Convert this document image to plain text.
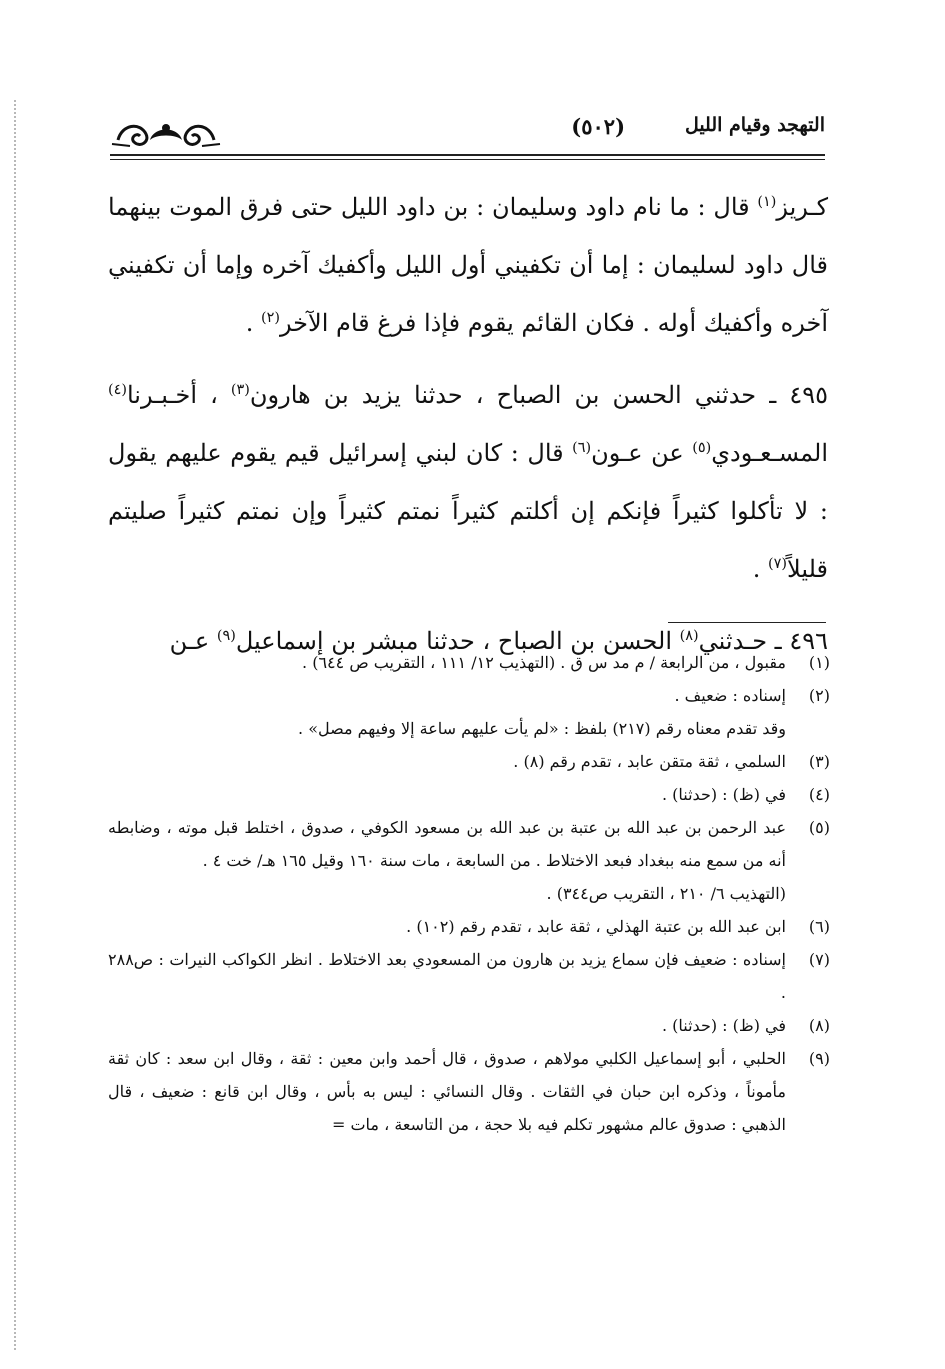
التهجد وقيام الليل
(٥٠٢)

كـريز$^{(١)}$ قال : ما نام داود وسليمان : بن داود الليل حتى فرق الموت بينهما قال داود لسليمان : إما أن تكفيني أول الليل وأكفيك آخره وإما أن تكفيني آخره وأكفيك أوله . فكان القائم يقوم فإذا فرغ قام الآخر$^{(٢)}$ .

٤٩٥ ـ حدثني الحسن بن الصباح ، حدثنا يزيد بن هارون$^{(٣)}$ ، أخـبـرنا$^{(٤)}$ المسـعـودي$^{(٥)}$ عن عـون$^{(٦)}$ قال : كان لبني إسرائيل قيم يقوم عليهم يقول : لا تأكلوا كثيراً فإنكم إن أكلتم كثيراً نمتم كثيراً وإن نمتم كثيراً صليتم قليلاً$^{(٧)}$ .

٤٩٦ ـ حـدثني$^{(٨)}$ الحسن بن الصباح ، حدثنا مبشر بن إسماعيل$^{(٩)}$ عـن

(١)
مقبول ، من الرابعة / م مد س ق . (التهذيب ١٢/ ١١١ ، التقريب ص ٦٤٤) .
(٢)
إسناده : ضعيف .
وقد تقدم معناه رقم (٢١٧) بلفظ : «لم يأت عليهم ساعة إلا وفيهم مصل» .
(٣)
السلمي ، ثقة متقن عابد ، تقدم رقم (٨) .
(٤)
في (ظ) : (حدثنا) .
(٥)
عبد الرحمن بن عبد الله بن عتبة بن عبد الله بن مسعود الكوفي ، صدوق ، اختلط قبل موته ، وضابطه أنه من سمع منه ببغداد فبعد الاختلاط . من السابعة ، مات سنة ١٦٠ وقيل ١٦٥ هـ/ خت ٤ .
(التهذيب ٦/ ٢١٠ ، التقريب ص٣٤٤) .
(٦)
ابن عبد الله بن عتبة الهذلي ، ثقة عابد ، تقدم رقم (١٠٢) .
(٧)
إسناده : ضعيف فإن سماع يزيد بن هارون من المسعودي بعد الاختلاط . انظر الكواكب النيرات : ص٢٨٨ .
(٨)
في (ظ) : (حدثنا) .
(٩)
الحلبي ، أبو إسماعيل الكلبي مولاهم ، صدوق ، قال أحمد وابن معين : ثقة ، وقال ابن سعد : كان ثقة مأموناً ، وذكره ابن حبان في الثقات . وقال النسائي : ليس به بأس ، وقال ابن قانع : ضعيف ، قال الذهبي : صدوق عالم مشهور تكلم فيه بلا حجة ، من التاسعة ، مات =
